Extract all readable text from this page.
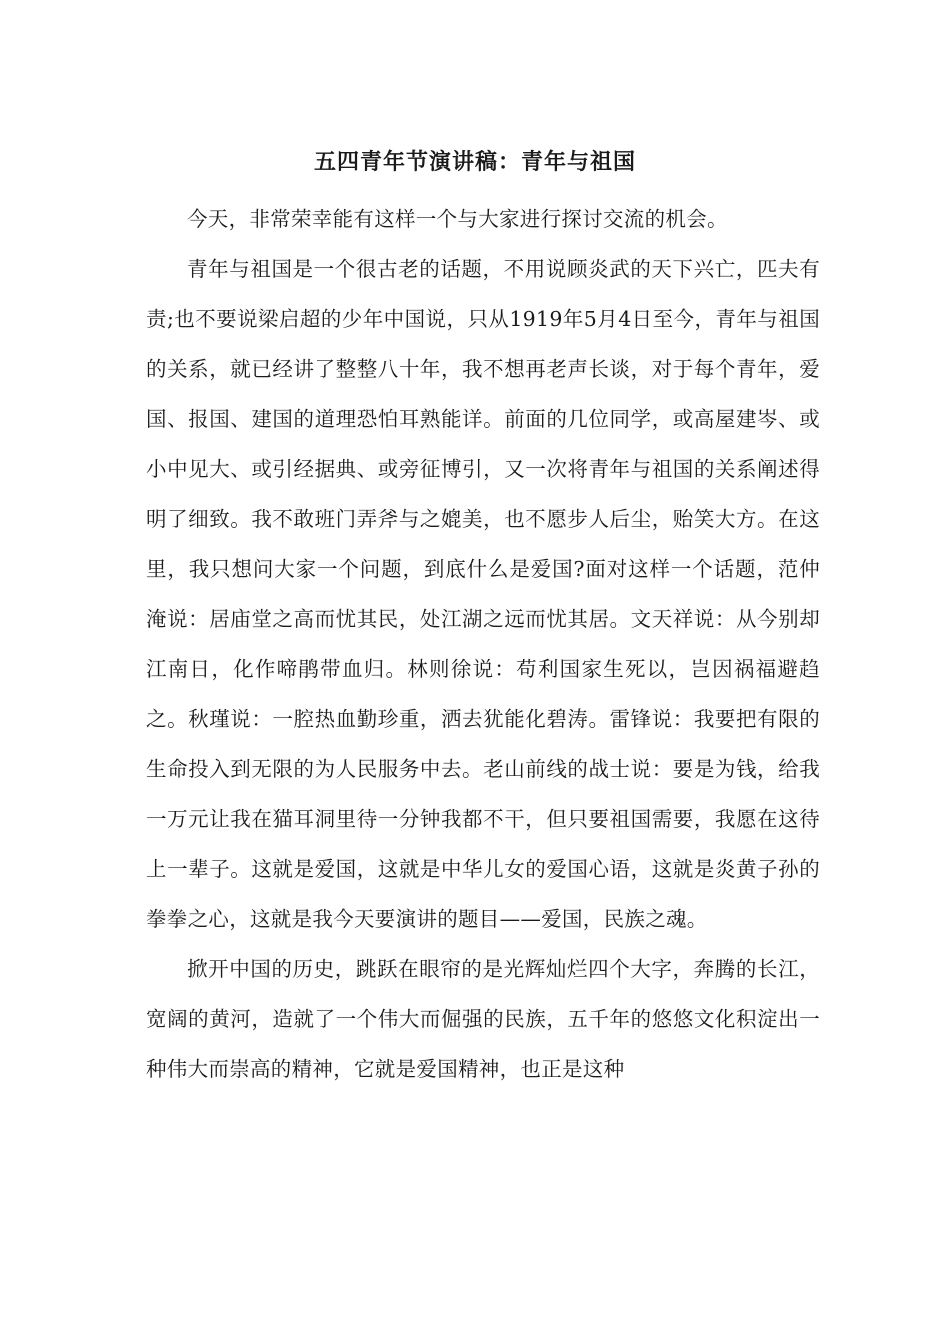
五四青年节演讲稿：青年与祖国

今天，非常荣幸能有这样一个与大家进行探讨交流的机会。

青年与祖国是一个很古老的话题，不用说顾炎武的天下兴亡，匹夫有责;也不要说梁启超的少年中国说，只从1919年5月4日至今，青年与祖国的关系，就已经讲了整整八十年，我不想再老声长谈，对于每个青年，爱国、报国、建国的道理恐怕耳熟能详。前面的几位同学，或高屋建岑、或小中见大、或引经据典、或旁征博引，又一次将青年与祖国的关系阐述得明了细致。我不敢班门弄斧与之媲美，也不愿步人后尘，贻笑大方。在这里，我只想问大家一个问题，到底什么是爱国?面对这样一个话题，范仲淹说：居庙堂之高而忧其民，处江湖之远而忧其居。文天祥说：从今别却江南日，化作啼鹃带血归。林则徐说：苟利国家生死以，岂因祸福避趋之。秋瑾说：一腔热血勤珍重，洒去犹能化碧涛。雷锋说：我要把有限的生命投入到无限的为人民服务中去。老山前线的战士说：要是为钱，给我一万元让我在猫耳洞里待一分钟我都不干，但只要祖国需要，我愿在这待上一辈子。这就是爱国，这就是中华儿女的爱国心语，这就是炎黄子孙的拳拳之心，这就是我今天要演讲的题目——爱国，民族之魂。

掀开中国的历史，跳跃在眼帘的是光辉灿烂四个大字，奔腾的长江，宽阔的黄河，造就了一个伟大而倔强的民族，五千年的悠悠文化积淀出一种伟大而崇高的精神，它就是爱国精神，也正是这种
